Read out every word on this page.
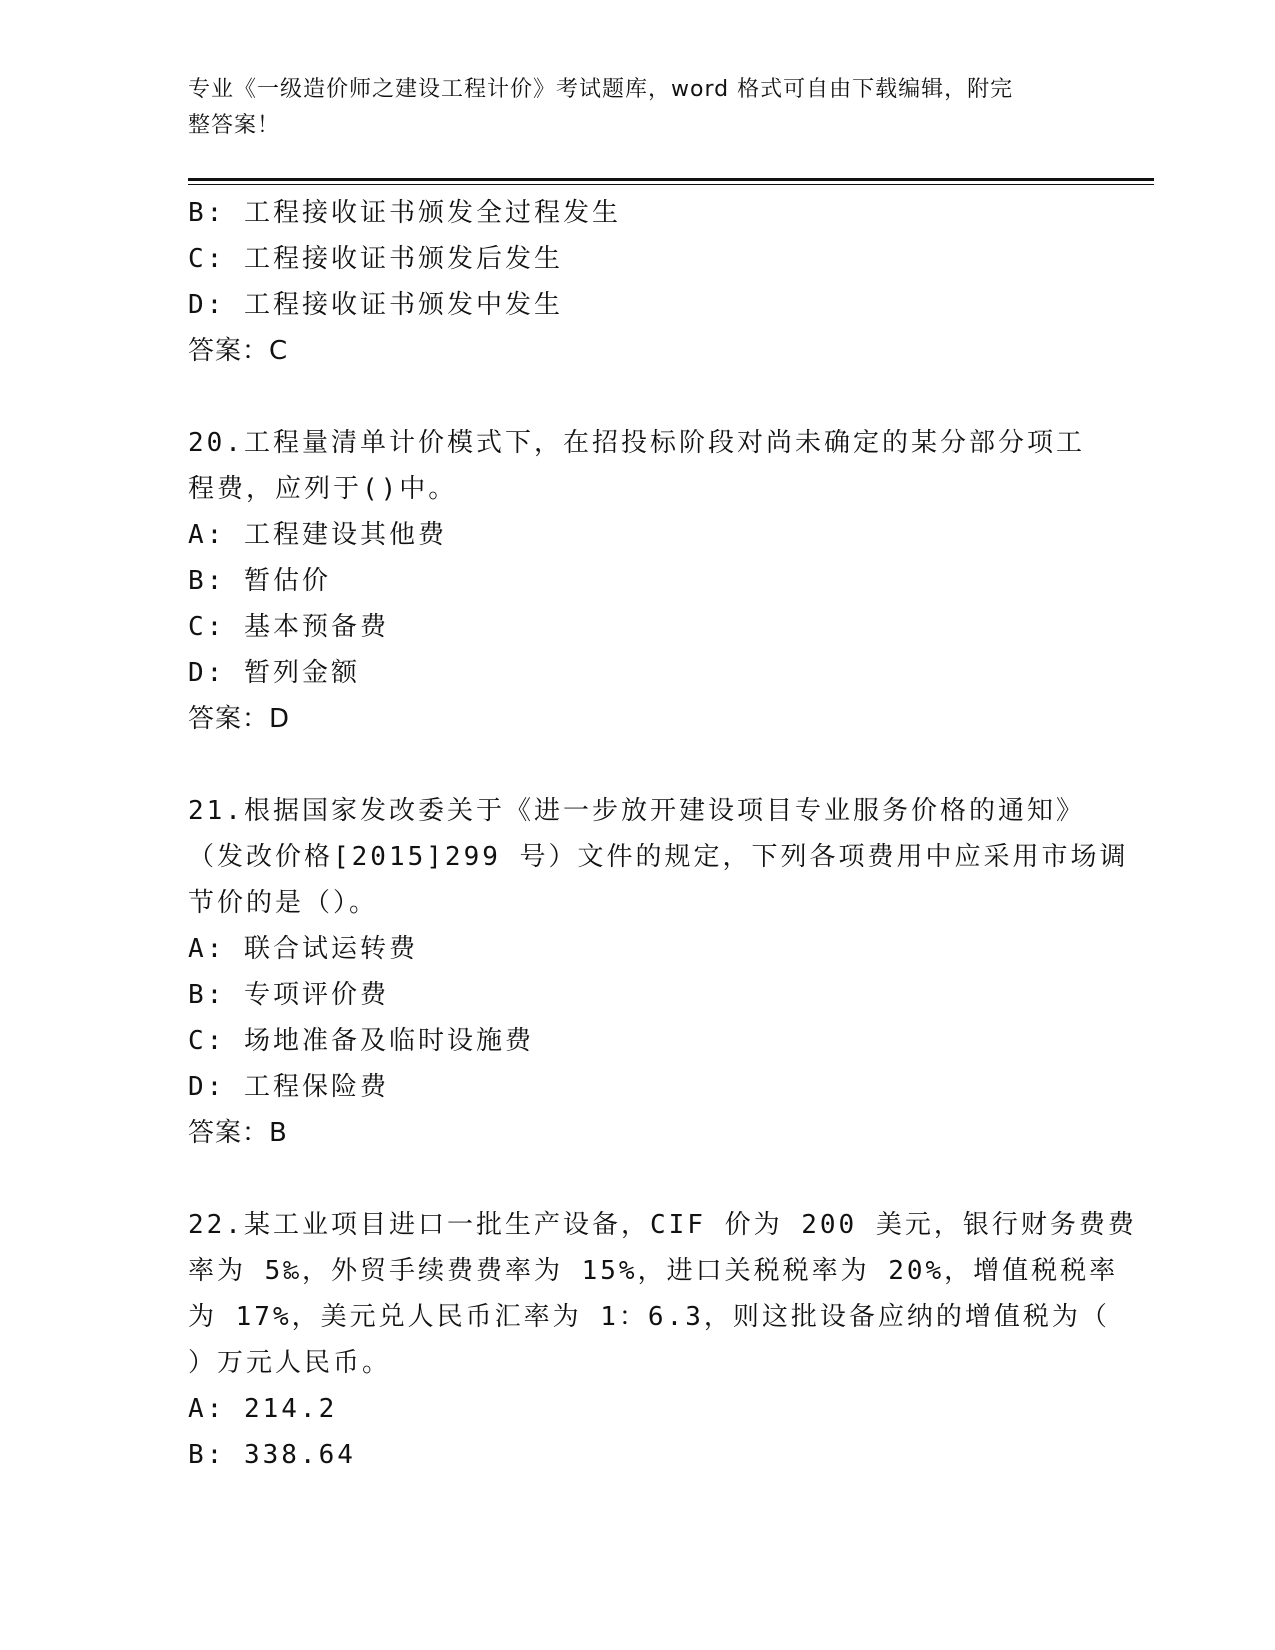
专业《一级造价师之建设工程计价》考试题库，word 格式可自由下载编辑，附完
整答案！
B: 工程接收证书颁发全过程发生
C: 工程接收证书颁发后发生
D: 工程接收证书颁发中发生
答案：C
20.工程量清单计价模式下，在招投标阶段对尚未确定的某分部分项工
程费，应列于()中。
A: 工程建设其他费
B: 暂估价
C: 基本预备费
D: 暂列金额
答案：D
21.根据国家发改委关于《进一步放开建设项目专业服务价格的通知》
（发改价格[2015]299 号）文件的规定，下列各项费用中应采用市场调
节价的是（）。
A: 联合试运转费
B: 专项评价费
C: 场地准备及临时设施费
D: 工程保险费
答案：B
22.某工业项目进口一批生产设备，CIF 价为 200 美元，银行财务费费
率为 5‰，外贸手续费费率为 15%，进口关税税率为 20%，增值税税率
为 17%，美元兑人民币汇率为 1：6.3，则这批设备应纳的增值税为（
）万元人民币。
A: 214.2
B: 338.64
